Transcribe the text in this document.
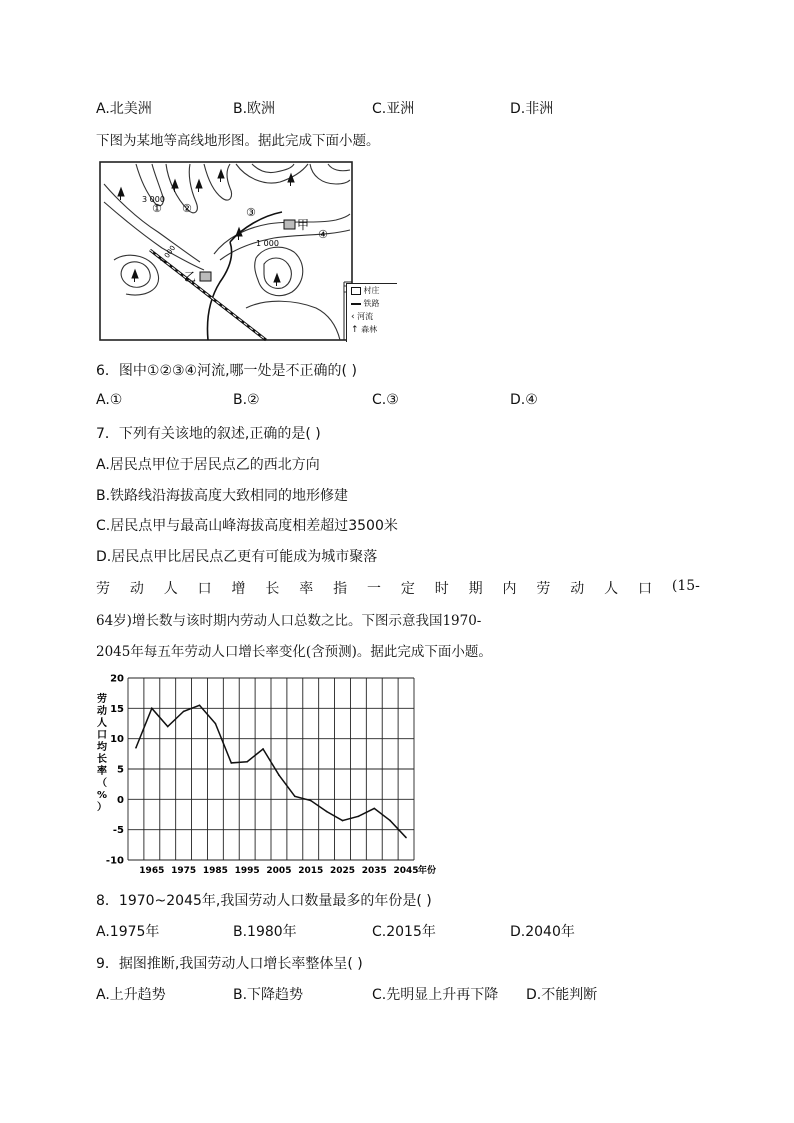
A.北美洲	B.欧洲	C.亚洲	D.非洲
下图为某地等高线地形图。据此完成下面小题。
3 000
1 000
1 000
甲
乙
① ②	③
④
村庄
铁路
‹ 河流
↑ 森林
6．图中①②③④河流,哪一处是不正确的( )
A.①	B.②	C.③	D.④
7．下列有关该地的叙述,正确的是( )
A.居民点甲位于居民点乙的西北方向
B.铁路线沿海拔高度大致相同的地形修建
C.居民点甲与最高山峰海拔高度相差超过3500米
D.居民点甲比居民点乙更有可能成为城市聚落
劳 动 人 口 增 长 率 指 一 定 时 期 内 劳 动 人 口 (15-
64岁)增长数与该时期内劳动人口总数之比。下图示意我国1970-
2045年每五年劳动人口增长率变化(含预测)。据此完成下面小题。
20
15
10
5
0
-5
-10
1965 1975 1985 1995 2005 2015 2025 2035 2045 年份
劳动人口均长率（%）
8．1970~2045年,我国劳动人口数量最多的年份是( )
A.1975年	B.1980年	C.2015年	D.2040年
9．据图推断,我国劳动人口增长率整体呈( )
A.上升趋势	B.下降趋势	C.先明显上升再下降 D.不能判断
